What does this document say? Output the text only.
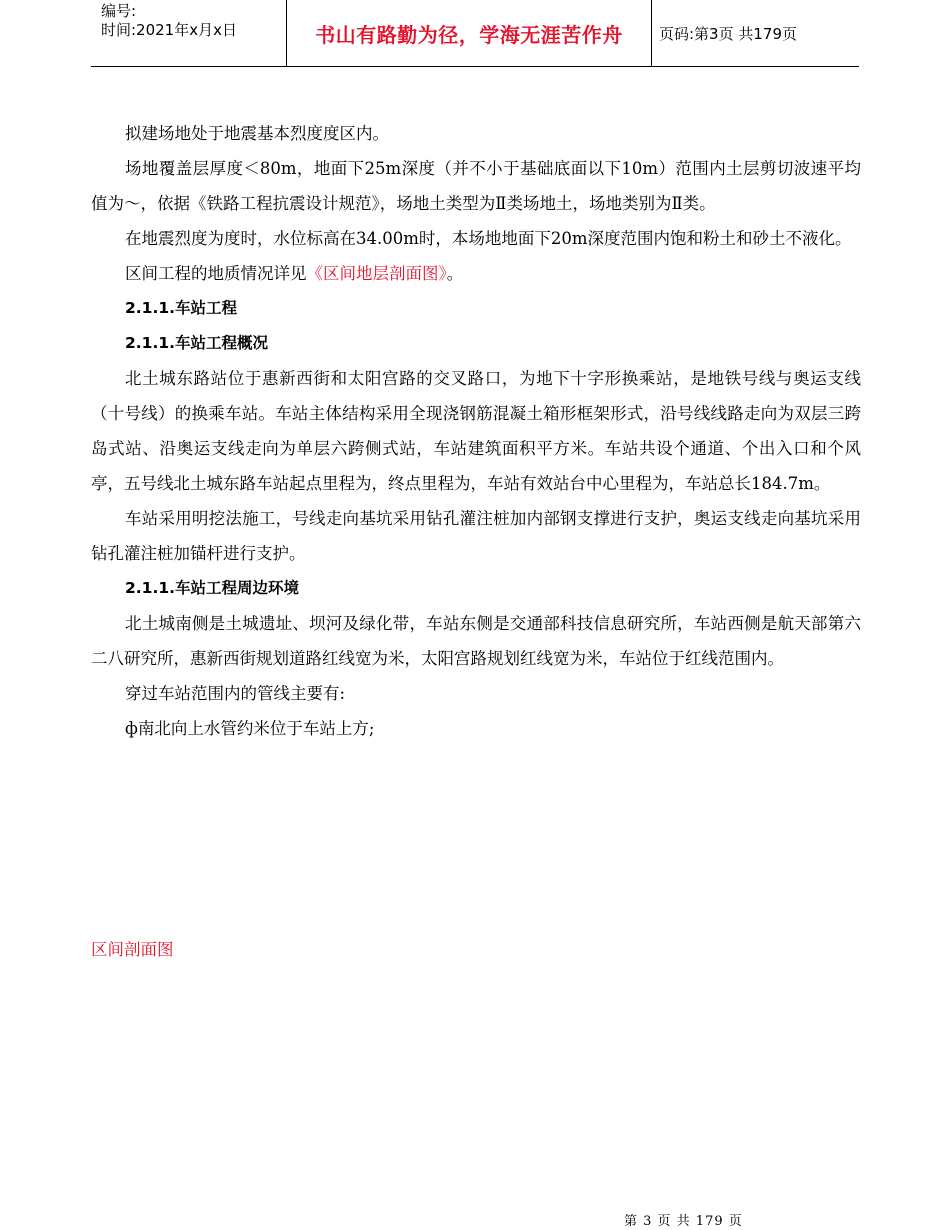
编号:
时间:2021年x月x日	书山有路勤为径，学海无涯苦作舟	页码:第3页 共179页

拟建场地处于地震基本烈度度区内。

场地覆盖层厚度＜80m，地面下25m深度（并不小于基础底面以下10m）范围内土层剪切波速平均值为～，依据《铁路工程抗震设计规范》，场地土类型为Ⅱ类场地土，场地类别为Ⅱ类。

在地震烈度为度时，水位标高在34.00m时，本场地地面下20m深度范围内饱和粉土和砂土不液化。

区间工程的地质情况详见《区间地层剖面图》。

2.1.1.车站工程

2.1.1.车站工程概况

北土城东路站位于惠新西街和太阳宫路的交叉路口，为地下十字形换乘站，是地铁号线与奥运支线（十号线）的换乘车站。车站主体结构采用全现浇钢筋混凝土箱形框架形式，沿号线线路走向为双层三跨岛式站、沿奥运支线走向为单层六跨侧式站，车站建筑面积平方米。车站共设个通道、个出入口和个风亭，五号线北土城东路车站起点里程为，终点里程为，车站有效站台中心里程为，车站总长184.7m。

车站采用明挖法施工，号线走向基坑采用钻孔灌注桩加内部钢支撑进行支护，奥运支线走向基坑采用钻孔灌注桩加锚杆进行支护。

2.1.1.车站工程周边环境

北土城南侧是土城遗址、坝河及绿化带，车站东侧是交通部科技信息研究所，车站西侧是航天部第六二八研究所，惠新西街规划道路红线宽为米，太阳宫路规划红线宽为米，车站位于红线范围内。

穿过车站范围内的管线主要有:

ф南北向上水管约米位于车站上方;

区间剖面图
第 3 页 共 179 页
